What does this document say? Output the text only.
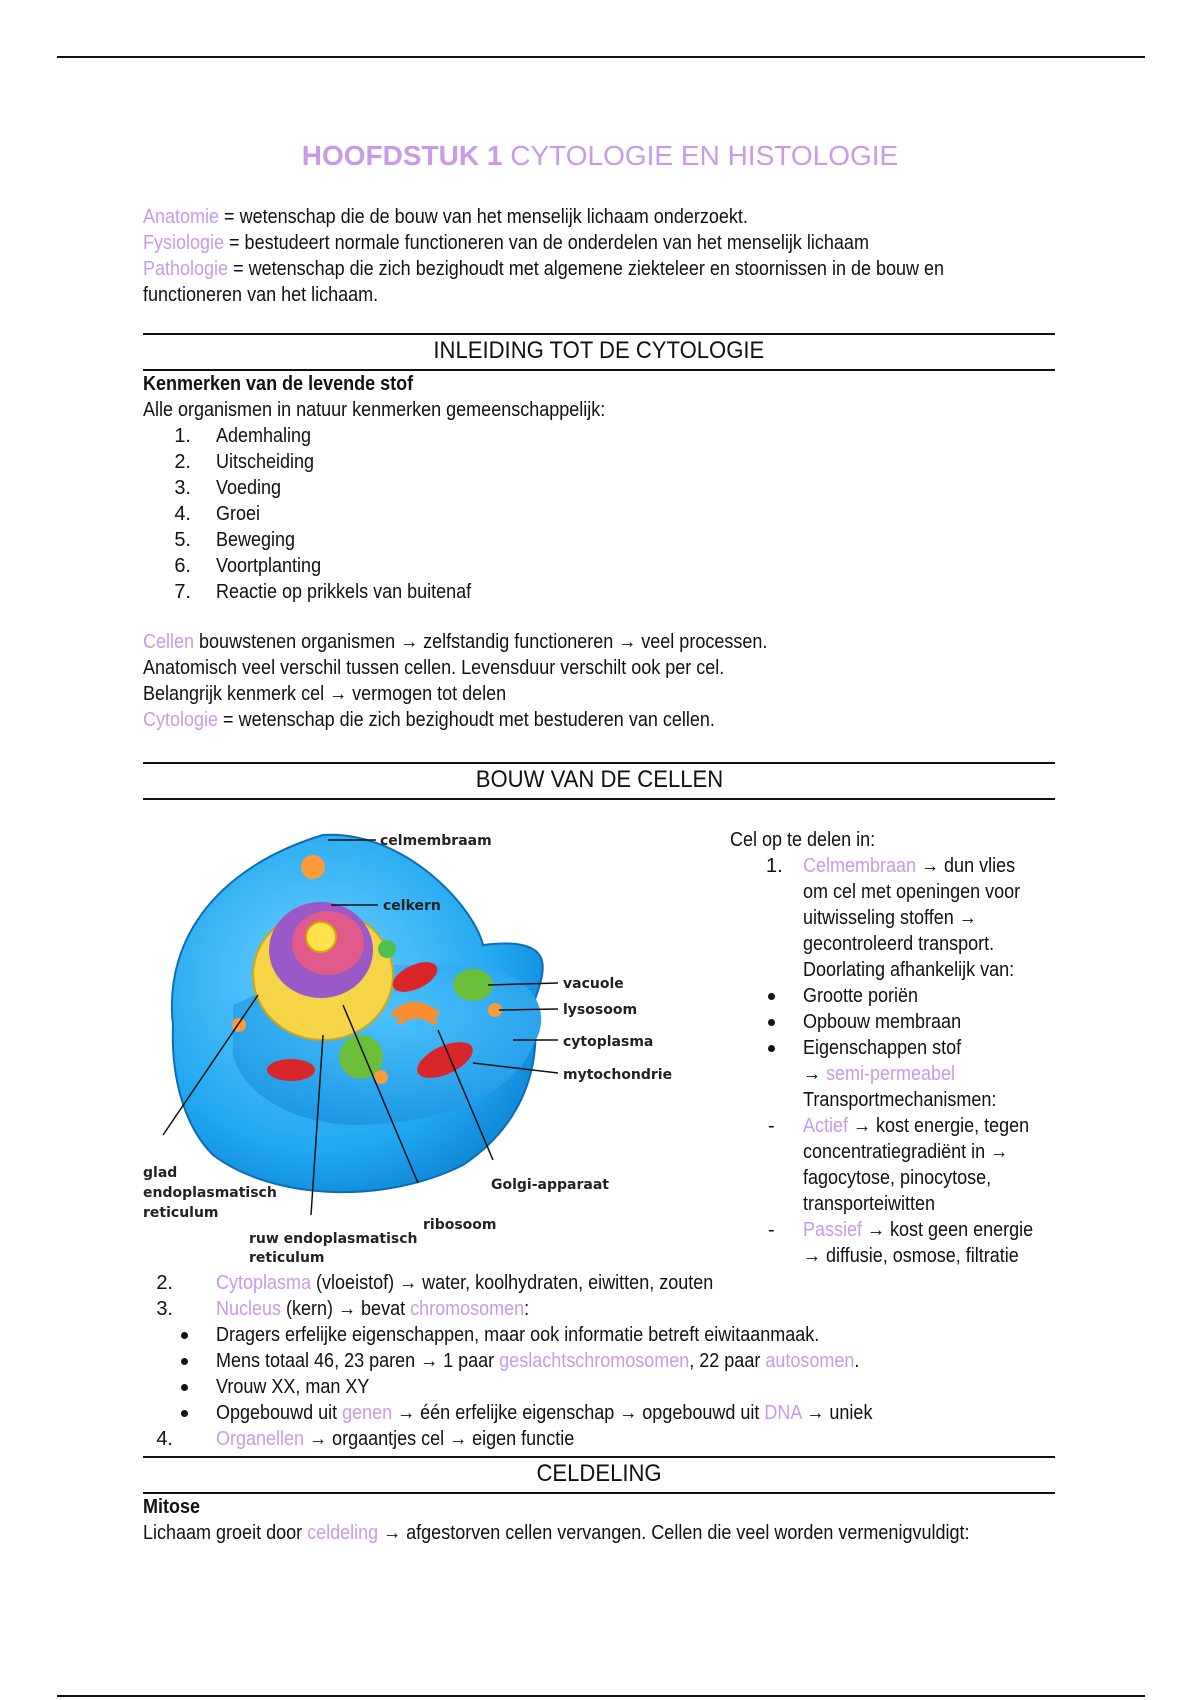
HOOFDSTUK 1 CYTOLOGIE EN HISTOLOGIE

Anatomie = wetenschap die de bouw van het menselijk lichaam onderzoekt.

Fysiologie = bestudeert normale functioneren van de onderdelen van het menselijk lichaam

Pathologie = wetenschap die zich bezighoudt met algemene ziekteleer en stoornissen in de bouw en

functioneren van het lichaam.

INLEIDING TOT DE CYTOLOGIE

Kenmerken van de levende stof

Alle organismen in natuur kenmerken gemeenschappelijk:

1. Ademhaling
2. Uitscheiding
3. Voeding
4. Groei
5. Beweging
6. Voortplanting
7. Reactie op prikkels van buitenaf

Cellen bouwstenen organismen → zelfstandig functioneren → veel processen.

Anatomisch veel verschil tussen cellen. Levensduur verschilt ook per cel.

Belangrijk kenmerk cel → vermogen tot delen

Cytologie = wetenschap die zich bezighoudt met bestuderen van cellen.

BOUW VAN DE CELLEN
celmembraam
celkern
vacuole
lysosoom
cytoplasma
mytochondrie
glad
endoplasmatisch
reticulum
Golgi-apparaat
ribosoom
ruw endoplasmatisch
reticulum
Cel op te delen in:
1. Celmembraan → dun vlies
om cel met openingen voor
uitwisseling stoffen →
gecontroleerd transport.
Doorlating afhankelijk van:
Grootte poriën
Opbouw membraan
Eigenschappen stof
→ semi-permeabel
Transportmechanismen:
- Actief → kost energie, tegen
concentratiegradiënt in →
fagocytose, pinocytose,
transporteiwitten
- Passief → kost geen energie
→ diffusie, osmose, filtratie
2. Cytoplasma (vloeistof) → water, koolhydraten, eiwitten, zouten
3. Nucleus (kern) → bevat chromosomen:
Dragers erfelijke eigenschappen, maar ook informatie betreft eiwitaanmaak.
Mens totaal 46, 23 paren → 1 paar geslachtschromosomen, 22 paar autosomen.
Vrouw XX, man XY
Opgebouwd uit genen → één erfelijke eigenschap → opgebouwd uit DNA → uniek
4. Organellen → orgaantjes cel → eigen functie
CELDELING

Mitose

Lichaam groeit door celdeling → afgestorven cellen vervangen. Cellen die veel worden vermenigvuldigt:
